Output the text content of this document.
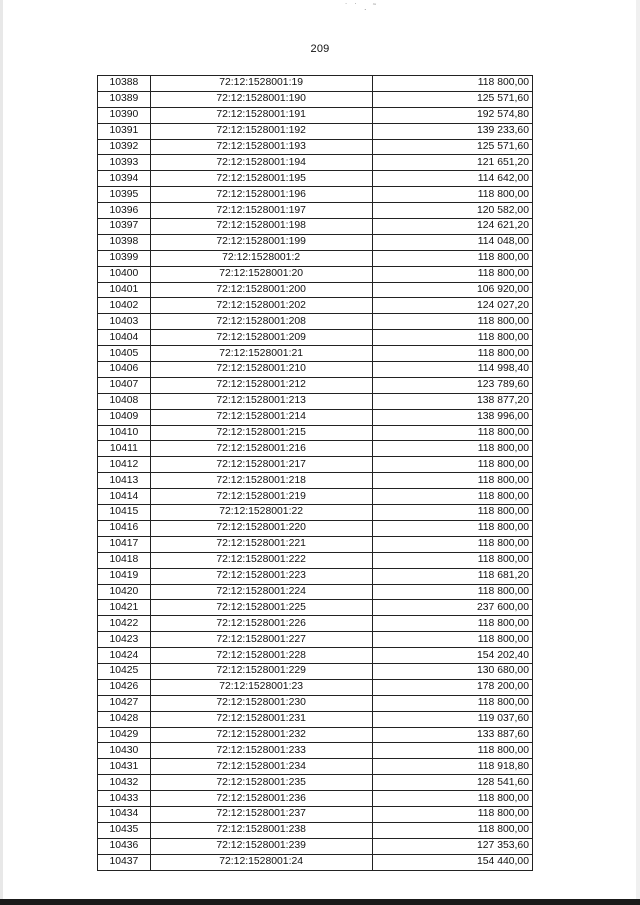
˙ ˙ . ˜
209
10388	72:12:1528001:19	118 800,00
10389	72:12:1528001:190	125 571,60
10390	72:12:1528001:191	192 574,80
10391	72:12:1528001:192	139 233,60
10392	72:12:1528001:193	125 571,60
10393	72:12:1528001:194	121 651,20
10394	72:12:1528001:195	114 642,00
10395	72:12:1528001:196	118 800,00
10396	72:12:1528001:197	120 582,00
10397	72:12:1528001:198	124 621,20
10398	72:12:1528001:199	114 048,00
10399	72:12:1528001:2	118 800,00
10400	72:12:1528001:20	118 800,00
10401	72:12:1528001:200	106 920,00
10402	72:12:1528001:202	124 027,20
10403	72:12:1528001:208	118 800,00
10404	72:12:1528001:209	118 800,00
10405	72:12:1528001:21	118 800,00
10406	72:12:1528001:210	114 998,40
10407	72:12:1528001:212	123 789,60
10408	72:12:1528001:213	138 877,20
10409	72:12:1528001:214	138 996,00
10410	72:12:1528001:215	118 800,00
10411	72:12:1528001:216	118 800,00
10412	72:12:1528001:217	118 800,00
10413	72:12:1528001:218	118 800,00
10414	72:12:1528001:219	118 800,00
10415	72:12:1528001:22	118 800,00
10416	72:12:1528001:220	118 800,00
10417	72:12:1528001:221	118 800,00
10418	72:12:1528001:222	118 800,00
10419	72:12:1528001:223	118 681,20
10420	72:12:1528001:224	118 800,00
10421	72:12:1528001:225	237 600,00
10422	72:12:1528001:226	118 800,00
10423	72:12:1528001:227	118 800,00
10424	72:12:1528001:228	154 202,40
10425	72:12:1528001:229	130 680,00
10426	72:12:1528001:23	178 200,00
10427	72:12:1528001:230	118 800,00
10428	72:12:1528001:231	119 037,60
10429	72:12:1528001:232	133 887,60
10430	72:12:1528001:233	118 800,00
10431	72:12:1528001:234	118 918,80
10432	72:12:1528001:235	128 541,60
10433	72:12:1528001:236	118 800,00
10434	72:12:1528001:237	118 800,00
10435	72:12:1528001:238	118 800,00
10436	72:12:1528001:239	127 353,60
10437	72:12:1528001:24	154 440,00
